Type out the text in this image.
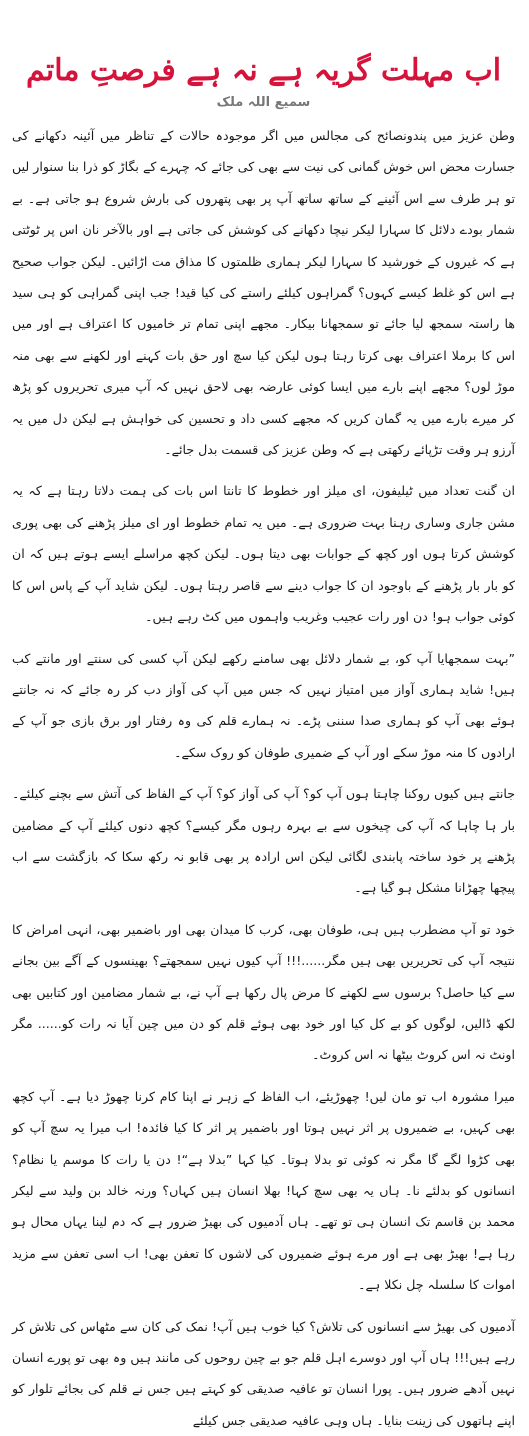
اب مہلت گریہ ہے نہ ہے فرصتِ ماتم
سمیع اللہ ملک

وطن عزیز میں پندونصائح کی مجالس میں اگر موجودہ حالات کے تناظر میں آئینہ دکھانے کی جسارت محض اس خوش گمانی کی نیت سے بھی کی جائے کہ چہرے کے بگاڑ کو ذرا بنا سنوار لیں تو ہر طرف سے اس آئینے کے ساتھ ساتھ آپ پر بھی پتھروں کی بارش شروع ہو جاتی ہے۔ بے شمار بودے دلائل کا سہارا لیکر نیچا دکھانے کی کوشش کی جاتی ہے اور بالآخر نان اس پر ٹوٹتی ہے کہ غیروں کے خورشید کا سہارا لیکر ہماری ظلمتوں کا مذاق مت اڑائیں۔ لیکن جواب صحیح ہے اس کو غلط کیسے کہوں؟ گمراہوں کیلئے راستے کی کیا قید! جب اپنی گمراہی کو ہی سید ھا راستہ سمجھ لیا جائے تو سمجھانا بیکار۔ مجھے اپنی تمام تر خامیوں کا اعتراف ہے اور میں اس کا برملا اعتراف بھی کرتا رہتا ہوں لیکن کیا سچ اور حق بات کہنے اور لکھنے سے بھی منہ موڑ لوں؟ مجھے اپنے بارے میں ایسا کوئی عارضہ بھی لاحق نہیں کہ آپ میری تحریروں کو پڑھ کر میرے بارے میں یہ گمان کریں کہ مجھے کسی داد و تحسین کی خواہش ہے لیکن دل میں یہ آرزو ہر وقت تڑپائے رکھتی ہے کہ وطن عزیز کی قسمت بدل جائے۔

ان گنت تعداد میں ٹیلیفون، ای میلز اور خطوط کا تانتا اس بات کی ہمت دلاتا رہتا ہے کہ یہ مشن جاری وساری رہنا بہت ضروری ہے۔ میں یہ تمام خطوط اور ای میلز پڑھنے کی بھی پوری کوشش کرتا ہوں اور کچھ کے جوابات بھی دیتا ہوں۔ لیکن کچھ مراسلے ایسے ہوتے ہیں کہ ان کو بار بار پڑھنے کے باوجود ان کا جواب دینے سے قاصر رہتا ہوں۔ لیکن شاید آپ کے پاس اس کا کوئی جواب ہو! دن اور رات عجیب وغریب واہموں میں کٹ رہے ہیں۔

”بہت سمجھایا آپ کو، بے شمار دلائل بھی سامنے رکھے لیکن آپ کسی کی سنتے اور مانتے کب ہیں! شاید ہماری آواز میں امتیاز نہیں کہ جس میں آپ کی آواز دب کر رہ جائے کہ نہ جانتے ہوئے بھی آپ کو ہماری صدا سننی پڑے۔ نہ ہمارے قلم کی وہ رفتار اور برق بازی جو آپ کے ارادوں کا منہ موڑ سکے اور آپ کے ضمیری طوفان کو روک سکے۔

جانتے ہیں کیوں روکنا چاہتا ہوں آپ کو؟ آپ کی آواز کو؟ آپ کے الفاظ کی آتش سے بچنے کیلئے۔ بار ہا چاہا کہ آپ کی چیخوں سے بے بہرہ رہوں مگر کیسے؟ کچھ دنوں کیلئے آپ کے مضامین پڑھنے پر خود ساختہ پابندی لگائی لیکن اس ارادہ پر بھی قابو نہ رکھ سکا کہ بازگشت سے اب پیچھا چھڑانا مشکل ہو گیا ہے۔

خود تو آپ مضطرب ہیں ہی، طوفان بھی، کرب کا میدان بھی اور باضمیر بھی، انہی امراض کا نتیجہ آپ کی تحریریں بھی ہیں مگر......!!! آپ کیوں نہیں سمجھتے؟ بھینسوں کے آگے بین بجانے سے کیا حاصل؟ برسوں سے لکھنے کا مرض پال رکھا ہے آپ نے، بے شمار مضامین اور کتابیں بھی لکھ ڈالیں، لوگوں کو بے کل کیا اور خود بھی ہوئے قلم کو دن میں چین آیا نہ رات کو...... مگر اونٹ نہ اس کروٹ بیٹھا نہ اس کروٹ۔

میرا مشورہ اب تو مان لیں! چھوڑیئے، اب الفاظ کے زہر نے اپنا کام کرنا چھوڑ دیا ہے۔ آپ کچھ بھی کہیں، بے ضمیروں پر اثر نہیں ہوتا اور باضمیر پر اثر کا کیا فائدہ! اب میرا یہ سچ آپ کو بھی کڑوا لگے گا مگر نہ کوئی تو بدلا ہوتا۔ کیا کہا ”بدلا ہے“! دن یا رات کا موسم یا نظام؟ انسانوں کو بدلئے نا۔ ہاں یہ بھی سچ کہا! بھلا انسان ہیں کہاں؟ ورنہ خالد بن ولید سے لیکر محمد بن قاسم تک انسان ہی تو تھے۔ ہاں آدمیوں کی بھیڑ ضرور ہے کہ دم لینا یہاں محال ہو رہا ہے! بھیڑ بھی ہے اور مرے ہوئے ضمیروں کی لاشوں کا تعفن بھی! اب اسی تعفن سے مزید اموات کا سلسلہ چل نکلا ہے۔

آدمیوں کی بھیڑ سے انسانوں کی تلاش؟ کیا خوب ہیں آپ! نمک کی کان سے مٹھاس کی تلاش کر رہے ہیں!!! ہاں آپ اور دوسرے اہل قلم جو بے چین روحوں کی مانند ہیں وہ بھی تو پورے انسان نہیں آدھے ضرور ہیں۔ پورا انسان تو عافیہ صدیقی کو کہتے ہیں جس نے قلم کی بجائے تلوار کو اپنے ہاتھوں کی زینت بنایا۔ ہاں وہی عافیہ صدیقی جس کیلئے
